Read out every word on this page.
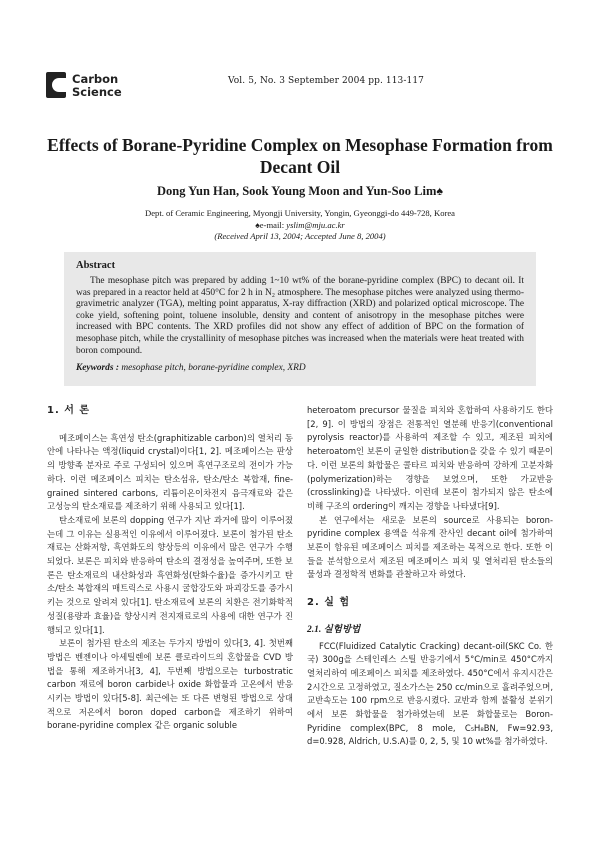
Carbon
Science
Vol. 5, No. 3 September 2004 pp. 113-117
Effects of Borane-Pyridine Complex on Mesophase Formation from Decant Oil
Dong Yun Han, Sook Young Moon and Yun-Soo Lim♠
Dept. of Ceramic Engineering, Myongji University, Yongin, Gyeonggi-do 449-728, Korea
♠e-mail: yslim@mju.ac.kr
(Received April 13, 2004; Accepted June 8, 2004)
Abstract

The mesophase pitch was prepared by adding 1~10 wt% of the borane-pyridine complex (BPC) to decant oil. It was prepared in a reactor held at 450°C for 2 h in N₂ atmosphere. The mesophase pitches were analyzed using thermo-gravimetric analyzer (TGA), melting point apparatus, X-ray diffraction (XRD) and polarized optical microscope. The coke yield, softening point, toluene insoluble, density and content of anisotropy in the mesophase pitches were increased with BPC contents. The XRD profiles did not show any effect of addition of BPC on the formation of mesophase pitch, while the crystallinity of mesophase pitches was increased when the materials were heat treated with boron compound.

Keywords : mesophase pitch, borane-pyridine complex, XRD
1. 서 론

메조페이스는 흑연성 탄소(graphitizable carbon)의 열처리 동안에 나타나는 액정(liquid crystal)이다[1, 2]. 메조페이스는 판상의 방향족 분자로 주로 구성되어 있으며 흑연구조로의 전이가 가능하다. 이런 메조페이스 피치는 탄소섬유, 탄소/탄소 복합재, fine-grained sintered carbons, 리튬이온이차전지 음극재료와 같은 고성능의 탄소재료를 제조하기 위해 사용되고 있다[1].

탄소재료에 보론의 dopping 연구가 지난 과거에 많이 이루어졌는데 그 이유는 실용적인 이유에서 이루어졌다. 보론이 첨가된 탄소재료는 산화저항, 흑연화도의 향상등의 이유에서 많은 연구가 수행되었다. 보론은 피치와 반응하여 탄소의 결정성을 높여주며, 또한 보론은 탄소재료의 내산화성과 흑연화성(탄화수율)을 증가시키고 탄소/탄소 복합재의 매트릭스로 사용시 굴합강도와 파괴강도를 증가시키는 것으로 알려져 있다[1]. 탄소재료에 보론의 치환은 전기화학적 성질(용량과 효율)을 향상시켜 전지재료로의 사용에 대한 연구가 진행되고 있다[1].

보론이 첨가된 탄소의 제조는 두가지 방법이 있다[3, 4]. 첫번째 방법은 벤젠이나 아세틸렌에 보론 클로라이드의 혼합물을 CVD 방법을 통해 제조하거나[3, 4], 두번째 방법으로는 turbostratic carbon 재료에 boron carbide나 oxide 화합물과 고온에서 반응시키는 방법이 있다[5-8]. 최근에는 또 다른 변형된 방법으로 상대적으로 저온에서 boron doped carbon을 제조하기 위하여 borane-pyridine complex 같은 organic soluble

heteroatom precursor 물질을 피치와 혼합하여 사용하기도 한다[2, 9]. 이 방법의 장점은 전통적인 열분해 반응기(conventional pyrolysis reactor)를 사용하여 제조할 수 있고, 제조된 피치에 heteroatom인 보론이 균일한 distribution을 갖을 수 있기 때문이다. 이런 보론의 화합물은 콜타르 피치와 반응하여 강하게 고분자화(polymerization)하는 경향을 보였으며, 또한 가교반응(crosslinking)을 나타냈다. 이런데 보론이 첨가되지 않은 탄소에 비해 구조의 ordering이 깨지는 경향을 나타냈다[9].

본 연구에서는 새로운 보론의 source로 사용되는 boron-pyridine complex 용액을 석유계 잔사인 decant oil에 첨가하여 보론이 함유된 메조페이스 피치를 제조하는 목적으로 한다. 또한 이들을 분석함으로서 제조된 메조페이스 피치 및 열처리된 탄소들의 물성과 결정학적 변화를 관찰하고자 하였다.

2. 실 험
2.1. 실험방법

FCC(Fluidized Catalytic Cracking) decant-oil(SKC Co. 한국) 300g을 스테인레스 스틸 반응기에서 5°C/min로 450°C까지 열처리하여 메조페이스 피치를 제조하였다. 450°C에서 유지시간은 2시간으로 고정하였고, 질소가스는 250 cc/min으로 흘려주었으며, 교반속도는 100 rpm으로 반응시켰다. 교반과 함께 불활성 분위기에서 보론 화합물을 첨가하였는데 보론 화합물로는 Boron-Pyridine complex(BPC, 8 mole, C₅H₈BN, Fw=92.93, d=0.928, Aldrich, U.S.A)를 0, 2, 5, 및 10 wt%를 첨가하였다.
